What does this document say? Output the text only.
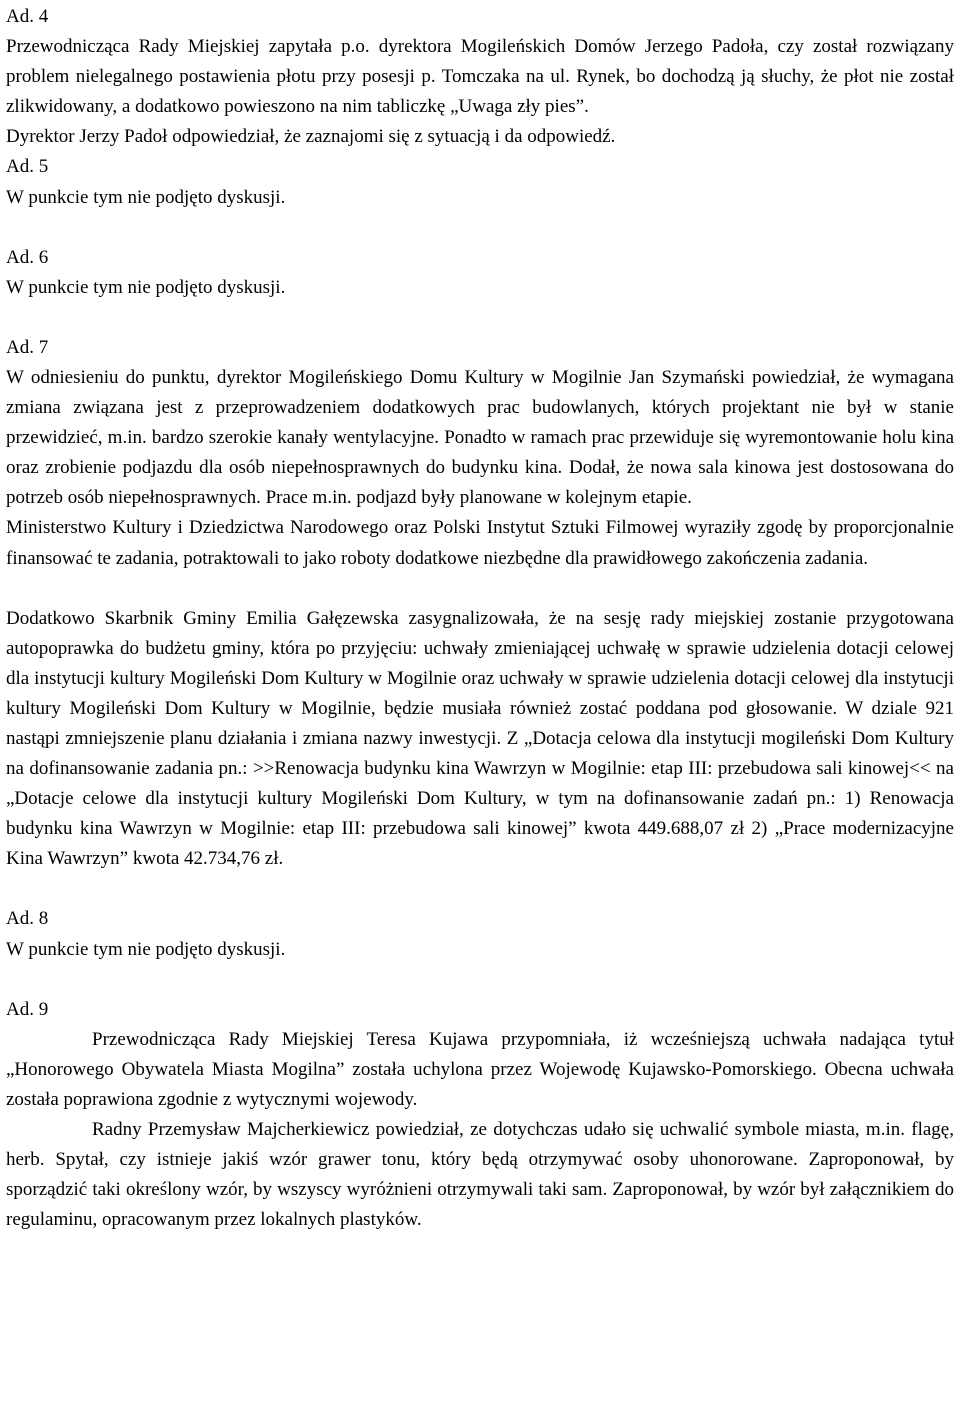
Ad. 4

Przewodnicząca Rady Miejskiej zapytała p.o. dyrektora Mogileńskich Domów Jerzego Padoła, czy został rozwiązany problem nielegalnego postawienia płotu przy posesji p. Tomczaka na ul. Rynek, bo dochodzą ją słuchy, że płot nie został zlikwidowany, a dodatkowo powieszono na nim tabliczkę „Uwaga zły pies”.

Dyrektor Jerzy Padoł odpowiedział, że zaznajomi się z sytuacją i da odpowiedź.

Ad. 5

W punkcie tym nie podjęto dyskusji.

Ad. 6

W punkcie tym nie podjęto dyskusji.

Ad. 7

W odniesieniu do punktu, dyrektor Mogileńskiego Domu Kultury w Mogilnie Jan Szymański powiedział, że wymagana zmiana związana jest z przeprowadzeniem dodatkowych prac budowlanych, których projektant nie był w stanie przewidzieć, m.in. bardzo szerokie kanały wentylacyjne. Ponadto w ramach prac przewiduje się wyremontowanie holu kina oraz zrobienie podjazdu dla osób niepełnosprawnych do budynku kina. Dodał, że nowa sala kinowa jest dostosowana do potrzeb osób niepełnosprawnych. Prace m.in. podjazd były planowane w kolejnym etapie.

Ministerstwo Kultury i Dziedzictwa Narodowego oraz Polski Instytut Sztuki Filmowej wyraziły zgodę by proporcjonalnie finansować te zadania, potraktowali to jako roboty dodatkowe niezbędne dla prawidłowego zakończenia zadania.

Dodatkowo Skarbnik Gminy Emilia Gałęzewska zasygnalizowała, że na sesję rady miejskiej zostanie przygotowana autopoprawka do budżetu gminy, która po przyjęciu: uchwały zmieniającej uchwałę w sprawie udzielenia dotacji celowej dla instytucji kultury Mogileński Dom Kultury w Mogilnie oraz uchwały w sprawie udzielenia dotacji celowej dla instytucji kultury Mogileński Dom Kultury w Mogilnie, będzie musiała również zostać poddana pod głosowanie. W dziale 921 nastąpi zmniejszenie planu działania i zmiana nazwy inwestycji. Z „Dotacja celowa dla instytucji mogileński Dom Kultury na dofinansowanie zadania pn.: >>Renowacja budynku kina Wawrzyn w Mogilnie: etap III: przebudowa sali kinowej<< na „Dotacje celowe dla instytucji kultury Mogileński Dom Kultury, w tym na dofinansowanie zadań pn.: 1) Renowacja budynku kina Wawrzyn w Mogilnie: etap III: przebudowa sali kinowej” kwota 449.688,07 zł 2) „Prace modernizacyjne Kina Wawrzyn” kwota 42.734,76 zł.

Ad. 8

W punkcie tym nie podjęto dyskusji.

Ad. 9

Przewodnicząca Rady Miejskiej Teresa Kujawa przypomniała, iż wcześniejszą uchwała nadająca tytuł „Honorowego Obywatela Miasta Mogilna” została uchylona przez Wojewodę Kujawsko-Pomorskiego. Obecna uchwała została poprawiona zgodnie z wytycznymi wojewody.

Radny Przemysław Majcherkiewicz powiedział, ze dotychczas udało się uchwalić symbole miasta, m.in. flagę, herb. Spytał, czy istnieje jakiś wzór grawer tonu, który będą otrzymywać osoby uhonorowane. Zaproponował, by sporządzić taki określony wzór, by wszyscy wyróżnieni otrzymywali taki sam. Zaproponował, by wzór był załącznikiem do regulaminu, opracowanym przez lokalnych plastyków.
